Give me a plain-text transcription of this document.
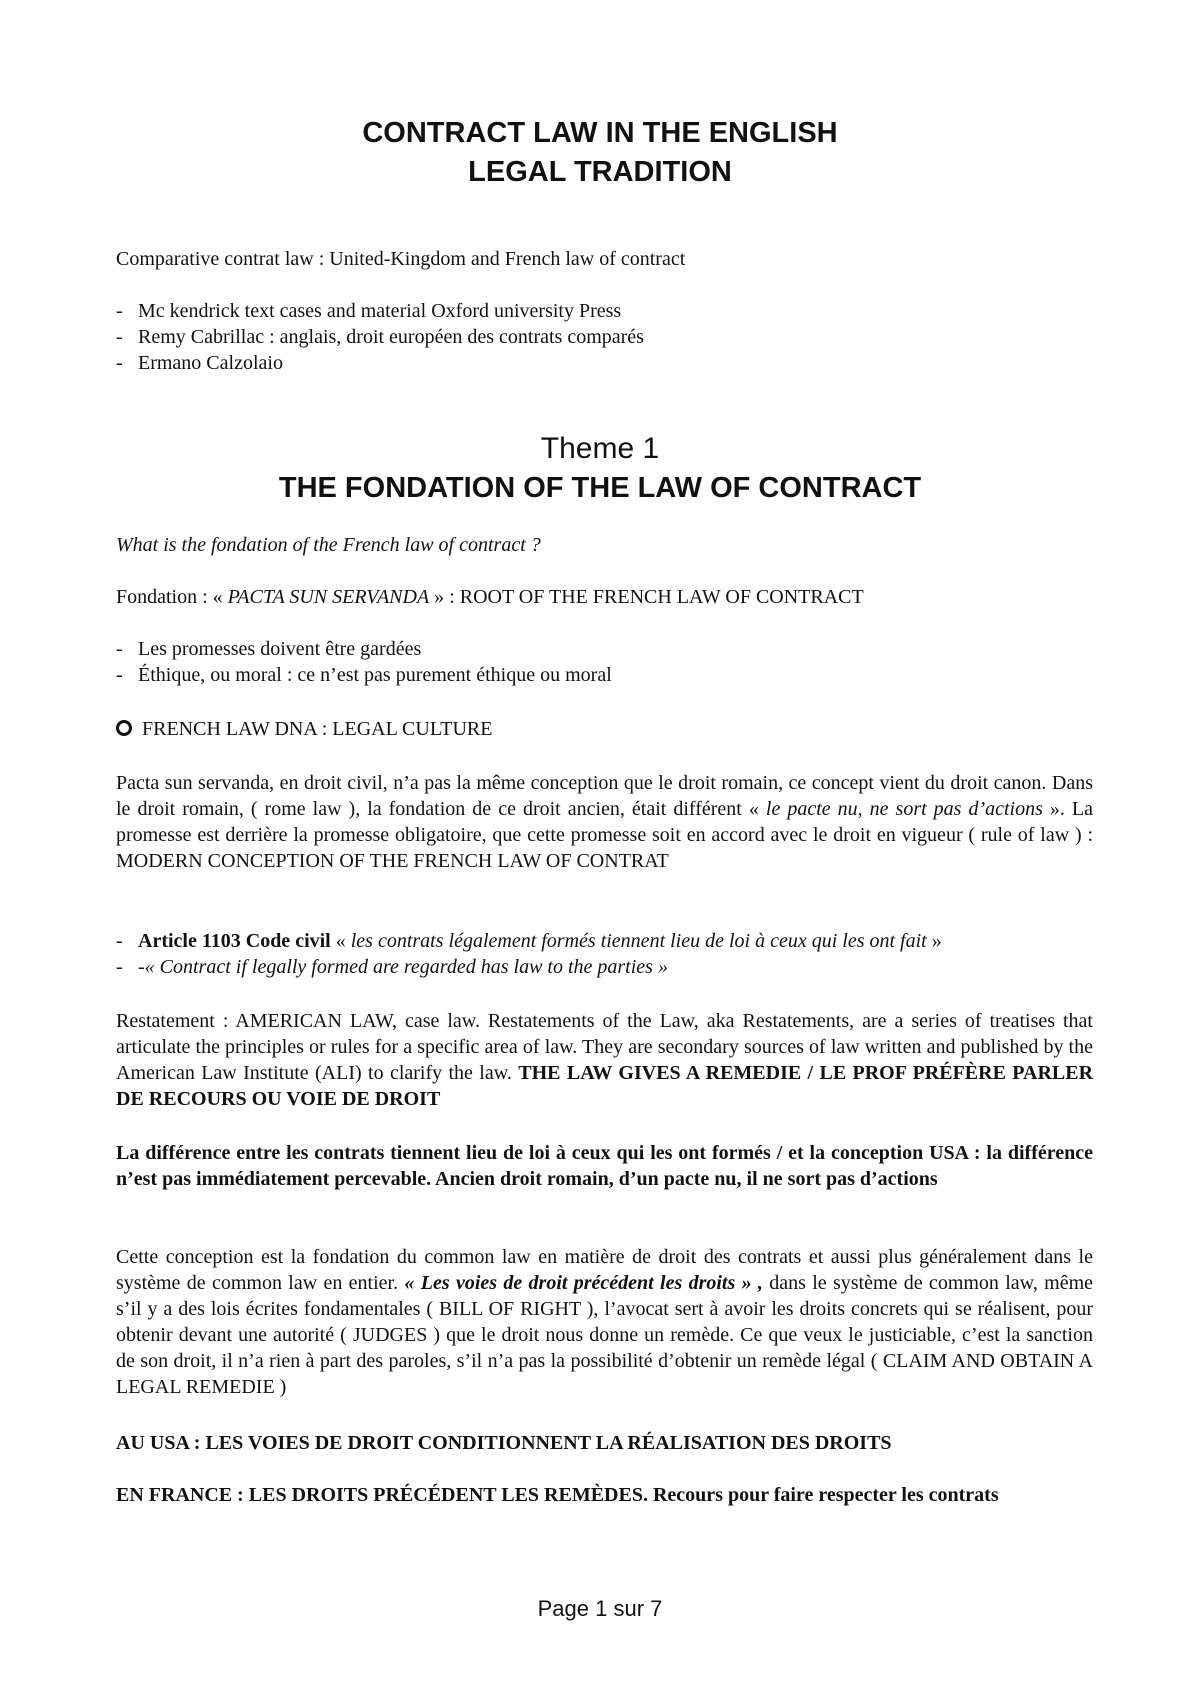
CONTRACT LAW IN THE ENGLISH
LEGAL TRADITION
Comparative contrat law : United-Kingdom and French law of contract
- Mc kendrick text cases and material Oxford university Press
- Remy Cabrillac : anglais, droit européen des contrats comparés
- Ermano Calzolaio
Theme 1
THE FONDATION OF THE LAW OF CONTRACT
What is the fondation of the French law of contract ?
Fondation : « PACTA SUN SERVANDA » : ROOT OF THE FRENCH LAW OF CONTRACT
- Les promesses doivent être gardées
- Éthique, ou moral : ce n’est pas purement éthique ou moral
FRENCH LAW DNA : LEGAL CULTURE
Pacta sun servanda, en droit civil, n’a pas la même conception que le droit romain, ce concept vient du droit canon. Dans le droit romain, ( rome law ), la fondation de ce droit ancien, était différent « le pacte nu, ne sort pas d’actions ». La promesse est derrière la promesse obligatoire, que cette promesse soit en accord avec le droit en vigueur ( rule of law ) : MODERN CONCEPTION OF THE FRENCH LAW OF CONTRAT
- Article 1103 Code civil « les contrats légalement formés tiennent lieu de loi à ceux qui les ont fait »
- -« Contract if legally formed are regarded has law to the parties »
Restatement : AMERICAN LAW, case law. Restatements of the Law, aka Restatements, are a series of treatises that articulate the principles or rules for a specific area of law. They are secondary sources of law written and published by the American Law Institute (ALI) to clarify the law. THE LAW GIVES A REMEDIE / LE PROF PRÉFÈRE PARLER DE RECOURS OU VOIE DE DROIT
La différence entre les contrats tiennent lieu de loi à ceux qui les ont formés / et la conception USA : la différence n’est pas immédiatement percevable. Ancien droit romain, d’un pacte nu, il ne sort pas d’actions
Cette conception est la fondation du common law en matière de droit des contrats et aussi plus généralement dans le système de common law en entier. « Les voies de droit précédent les droits » , dans le système de common law, même s’il y a des lois écrites fondamentales ( BILL OF RIGHT ), l’avocat sert à avoir les droits concrets qui se réalisent, pour obtenir devant une autorité ( JUDGES ) que le droit nous donne un remède. Ce que veux le justiciable, c’est la sanction de son droit, il n’a rien à part des paroles, s’il n’a pas la possibilité d’obtenir un remède légal ( CLAIM AND OBTAIN A LEGAL REMEDIE )
AU USA : LES VOIES DE DROIT CONDITIONNENT LA RÉALISATION DES DROITS
EN FRANCE : LES DROITS PRÉCÉDENT LES REMÈDES. Recours pour faire respecter les contrats
Page 1 sur 7
